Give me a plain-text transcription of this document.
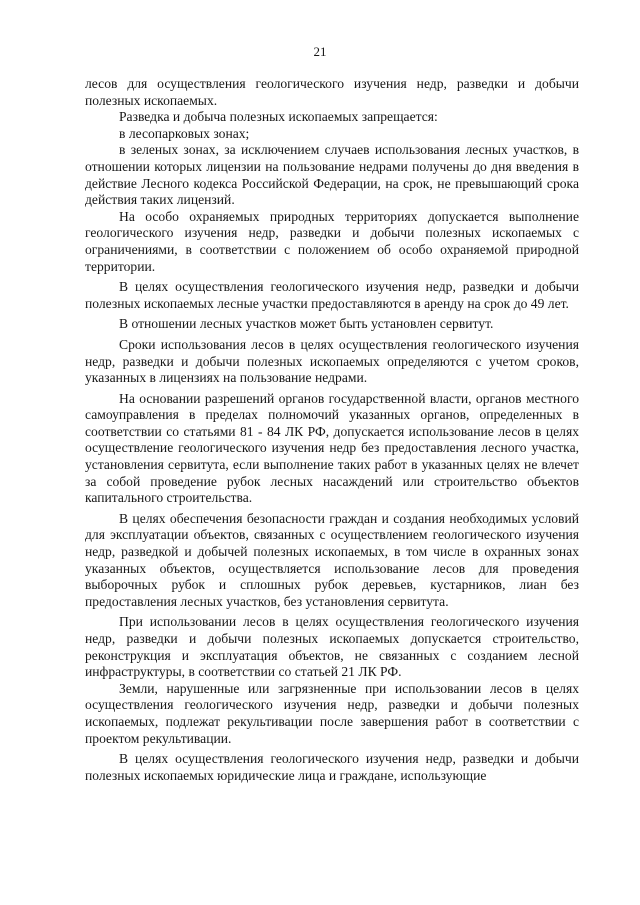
21

лесов для осуществления геологического изучения недр, разведки и добычи полезных ископаемых.

Разведка и добыча полезных ископаемых запрещается:

в лесопарковых зонах;

в зеленых зонах, за исключением случаев использования лесных участков, в отношении которых лицензии на пользование недрами получены до дня введения в действие Лесного кодекса Российской Федерации, на срок, не превышающий срока действия таких лицензий.

На особо охраняемых природных территориях допускается выполнение геологического изучения недр, разведки и добычи полезных ископаемых с ограничениями, в соответствии с положением об особо охраняемой природной территории.

В целях осуществления геологического изучения недр, разведки и добычи полезных ископаемых лесные участки предоставляются в аренду на срок до 49 лет.

В отношении лесных участков может быть установлен сервитут.

Сроки использования лесов в целях осуществления геологического изучения недр, разведки и добычи полезных ископаемых определяются с учетом сроков, указанных в лицензиях на пользование недрами.

На основании разрешений органов государственной власти, органов местного самоуправления в пределах полномочий указанных органов, определенных в соответствии со статьями 81 - 84 ЛК РФ, допускается использование лесов в целях осуществление геологического изучения недр без предоставления лесного участка, установления сервитута, если выполнение таких работ в указанных целях не влечет за собой проведение рубок лесных насаждений или строительство объектов капитального строительства.

В целях обеспечения безопасности граждан и создания необходимых условий для эксплуатации объектов, связанных с осуществлением геологического изучения недр, разведкой и добычей полезных ископаемых, в том числе в охранных зонах указанных объектов, осуществляется использование лесов для проведения выборочных рубок и сплошных рубок деревьев, кустарников, лиан без предоставления лесных участков, без установления сервитута.

При использовании лесов в целях осуществления геологического изучения недр, разведки и добычи полезных ископаемых допускается строительство, реконструкция и эксплуатация объектов, не связанных с созданием лесной инфраструктуры, в соответствии со статьей 21 ЛК РФ.

Земли, нарушенные или загрязненные при использовании лесов в целях осуществления геологического изучения недр, разведки и добычи полезных ископаемых, подлежат рекультивации после завершения работ в соответствии с проектом рекультивации.

В целях осуществления геологического изучения недр, разведки и добычи полезных ископаемых юридические лица и граждане, использующие
